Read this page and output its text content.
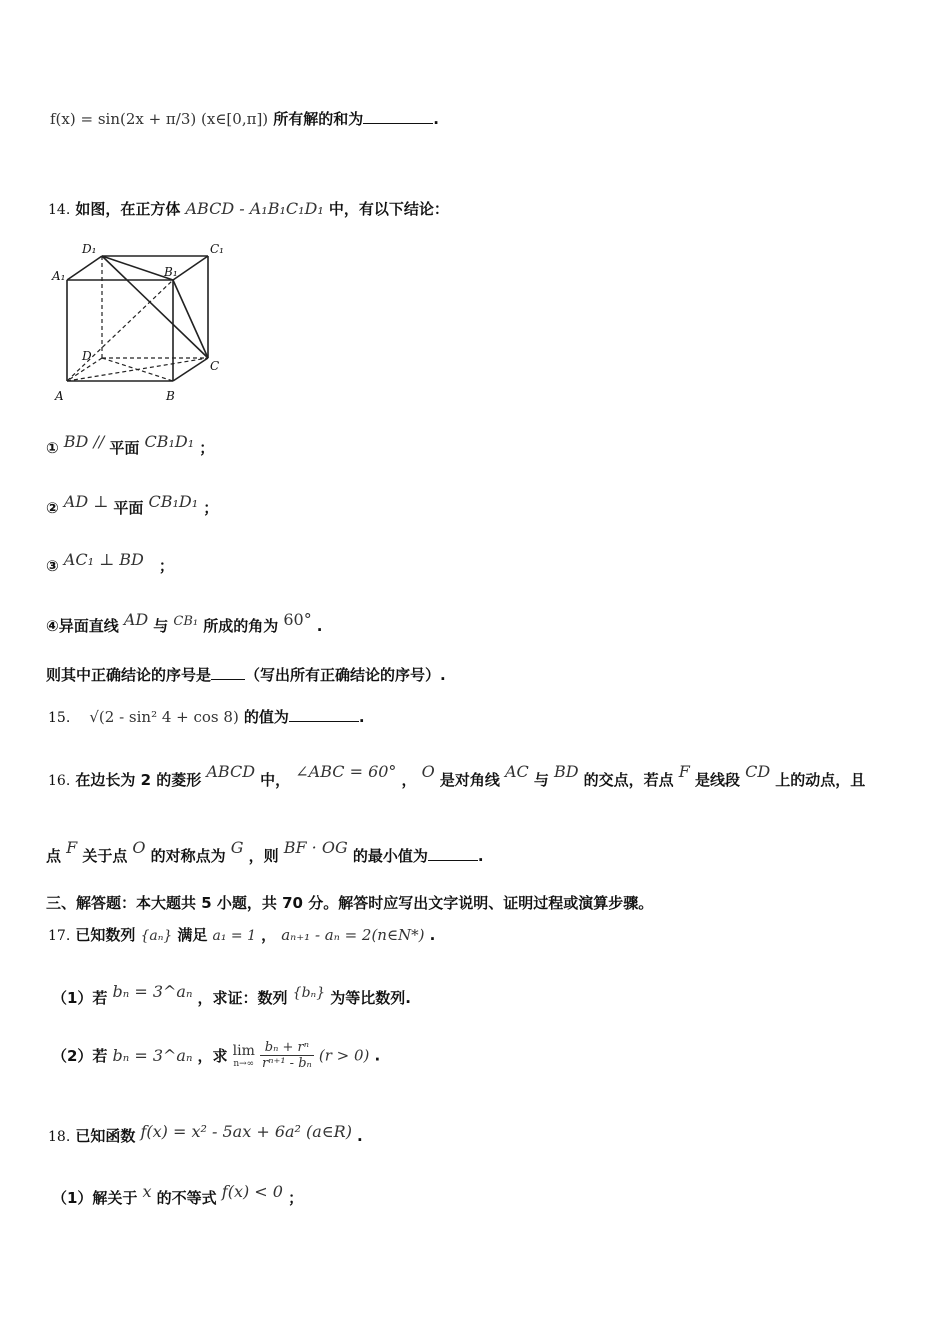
f(x) = sin(2x + π/3) (x∈[0,π]) 所有解的和为	.
14. 如图，在正方体 ABCD - A₁B₁C₁D₁ 中，有以下结论：
D₁	C₁
A₁	B₁
D
C
A	B
① BD // 平面 CB₁D₁ ；
② AD ⊥ 平面 CB₁D₁ ；
③ AC₁ ⊥ BD ；
④异面直线 AD 与 $^{CB_1}$ 所成的角为 60° .
则其中正确结论的序号是 （写出所有正确结论的序号）.
15. √(2 - sin² 4 + cos 8) 的值为	.
16. 在边长为 2 的菱形 ABCD 中， ∠ABC = 60° ， O 是对角线 AC 与 BD 的交点，若点 F 是线段 CD 上的动点，且
点 F 关于点 O 的对称点为 G ，则 BF · OG 的最小值为	.
三、解答题：本大题共 5 小题，共 70 分。解答时应写出文字说明、证明过程或演算步骤。
17. 已知数列 {aₙ} 满足 a₁ = 1 ， aₙ₊₁ - aₙ = 2(n∈N*) .
（1）若 bₙ = 3^aₙ ，求证：数列 {bₙ} 为等比数列.
（2）若 bₙ = 3^aₙ ，求 lim
n→∞
$\frac{\text{bₙ + rⁿ}}{\text{rⁿ⁺¹ - bₙ}} (r > 0)$ .
18. 已知函数 f(x) = x² - 5ax + 6a² (a∈R) .
（1）解关于 x 的不等式 f(x) < 0 ；
